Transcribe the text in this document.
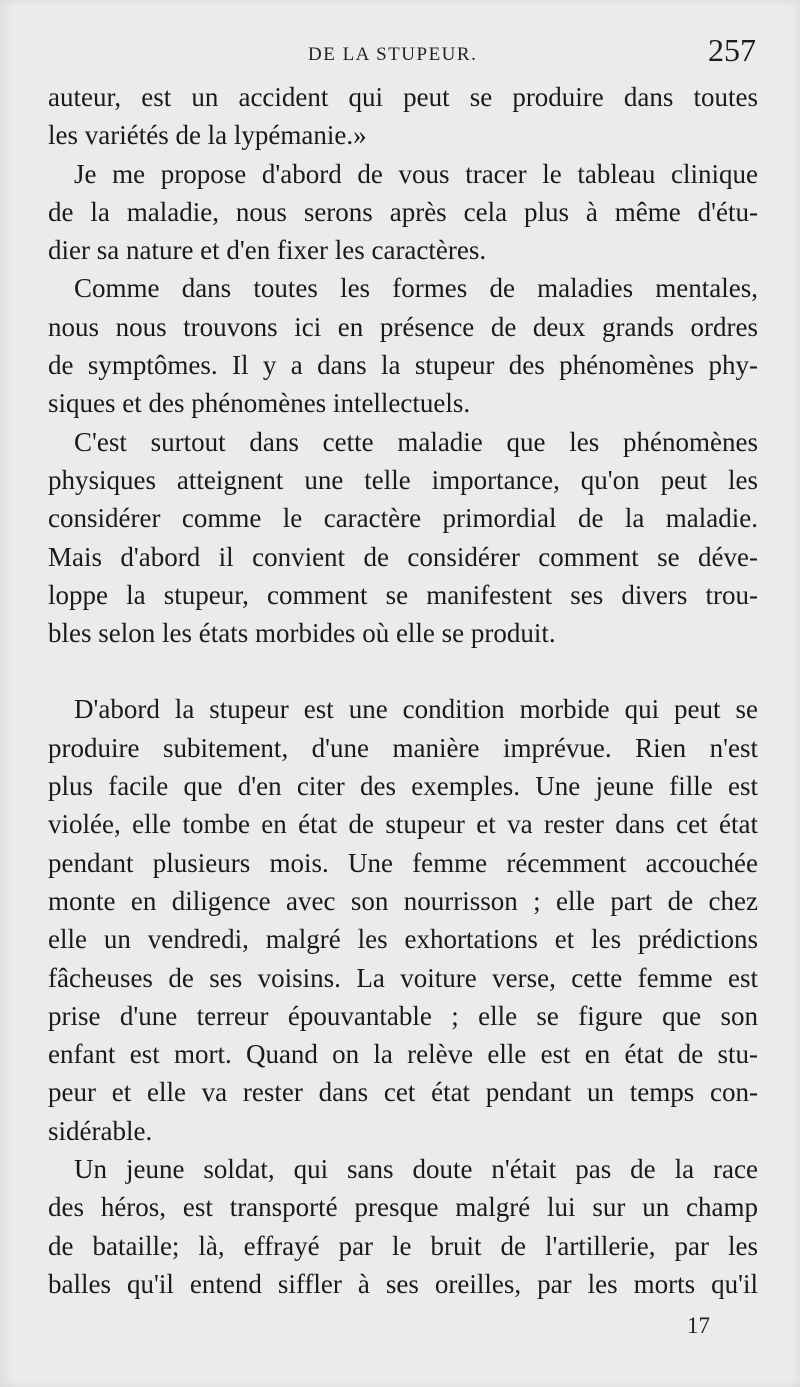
DE LA STUPEUR.	257
auteur, est un accident qui peut se produire dans toutes
les variétés de la lypémanie.»
Je me propose d'abord de vous tracer le tableau clinique
de la maladie, nous serons après cela plus à même d'étu-
dier sa nature et d'en fixer les caractères.
Comme dans toutes les formes de maladies mentales,
nous nous trouvons ici en présence de deux grands ordres
de symptômes. Il y a dans la stupeur des phénomènes phy-
siques et des phénomènes intellectuels.
C'est surtout dans cette maladie que les phénomènes
physiques atteignent une telle importance, qu'on peut les
considérer comme le caractère primordial de la maladie.
Mais d'abord il convient de considérer comment se déve-
loppe la stupeur, comment se manifestent ses divers trou-
bles selon les états morbides où elle se produit.
D'abord la stupeur est une condition morbide qui peut se
produire subitement, d'une manière imprévue. Rien n'est
plus facile que d'en citer des exemples. Une jeune fille est
violée, elle tombe en état de stupeur et va rester dans cet état
pendant plusieurs mois. Une femme récemment accouchée
monte en diligence avec son nourrisson ; elle part de chez
elle un vendredi, malgré les exhortations et les prédictions
fâcheuses de ses voisins. La voiture verse, cette femme est
prise d'une terreur épouvantable ; elle se figure que son
enfant est mort. Quand on la relève elle est en état de stu-
peur et elle va rester dans cet état pendant un temps con-
sidérable.
Un jeune soldat, qui sans doute n'était pas de la race
des héros, est transporté presque malgré lui sur un champ
de bataille; là, effrayé par le bruit de l'artillerie, par les
balles qu'il entend siffler à ses oreilles, par les morts qu'il
17
